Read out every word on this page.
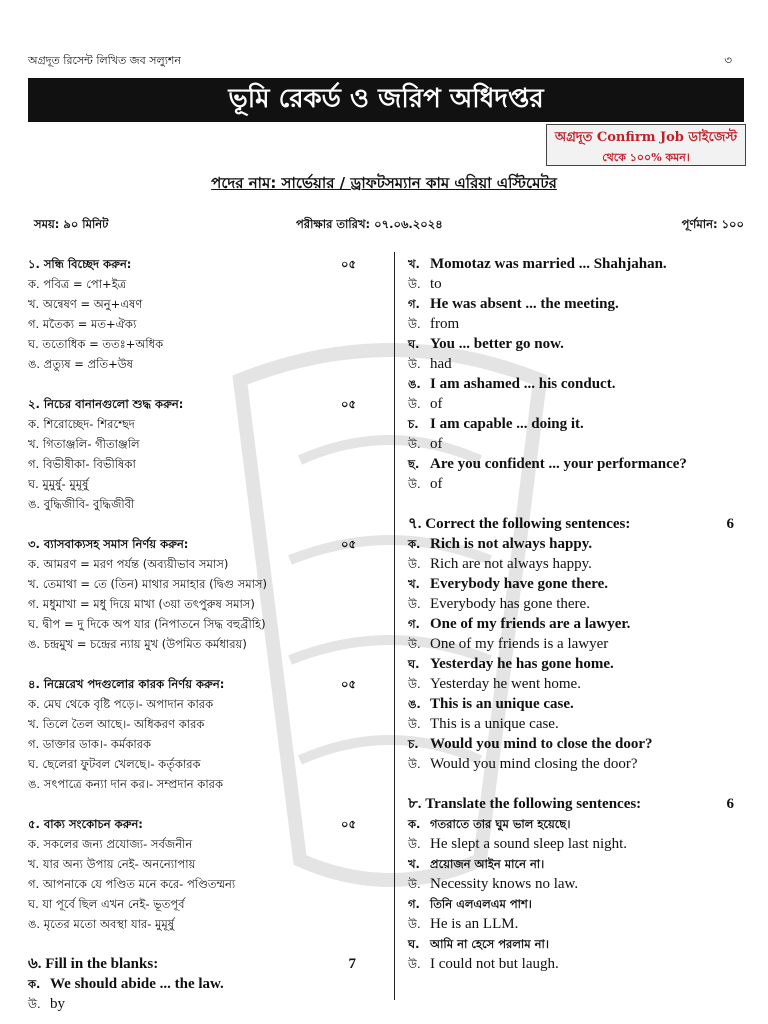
অগ্রদূত রিসেন্ট লিখিত জব সল্যুশন	৩
ভূমি রেকর্ড ও জরিপ অধিদপ্তর
অগ্রদূত Confirm Job ডাইজেস্ট
থেকে ১০০% কমন।
পদের নাম: সার্ভেয়ার / ড্রাফটসম্যান কাম এরিয়া এস্টিমেটর
সময়: ৯০ মিনিট	পরীক্ষার তারিখ: ০৭.০৬.২০২৪	পূর্ণমান: ১০০
১. সন্ধি বিচ্ছেদ করুন:	০৫
ক. পবিত্র = পো+ইত্র
খ. অন্বেষণ = অনু+এষণ
গ. মতৈক্য = মত+ঐক্য
ঘ. ততোধিক = ততঃ+অধিক
ঙ. প্রত্যুষ = প্রতি+উষ
২. নিচের বানানগুলো শুদ্ধ করুন:	০৫
ক. শিরোচ্ছেদ- শিরশ্ছেদ
খ. গিতাঞ্জলি- গীতাঞ্জলি
গ. বিভীষীকা- বিভীষিকা
ঘ. মুমুর্ষু- মুমূর্ষু
ঙ. বুদ্ধিজীবি- বুদ্ধিজীবী
৩. ব্যাসবাক্যসহ সমাস নির্ণয় করুন:	০৫
ক. আমরণ = মরণ পর্যন্ত (অব্যয়ীভাব সমাস)
খ. তেমাথা = তে (তিন) মাথার সমাহার (দ্বিগু সমাস)
গ. মধুমাখা = মধু দিয়ে মাখা (৩য়া তৎপুরুষ সমাস)
ঘ. দ্বীপ = দু দিকে অপ যার (নিপাতনে সিদ্ধ বহুব্রীহি)
ঙ. চন্দ্রমুখ = চন্দ্রের ন্যায় মুখ (উপমিত কর্মধারয়)
৪. নিম্নেরেখ পদগুলোর কারক নির্ণয় করুন:	০৫
ক. মেঘ থেকে বৃষ্টি পড়ে।- অপাদান কারক
খ. তিলে তৈল আছে।- অধিকরণ কারক
গ. ডাক্তার ডাক।- কর্মকারক
ঘ. ছেলেরা ফুটবল খেলছে।- কর্তৃকারক
ঙ. সৎপাত্রে কন্যা দান কর।- সম্প্রদান কারক
৫. বাক্য সংকোচন করুন:	০৫
ক. সকলের জন্য প্রযোজ্য- সর্বজনীন
খ. যার অন্য উপায় নেই- অনন্যোপায়
গ. আপনাকে যে পণ্ডিত মনে করে- পণ্ডিতম্মন্য
ঘ. যা পূর্বে ছিল এখন নেই- ভূতপূর্ব
ঙ. মৃতের মতো অবস্থা যার- মুমূর্ষু
৬. Fill in the blanks:	7
ক. We should abide ... the law.
উ. by
খ. Momotaz was married ... Shahjahan.
উ. to
গ. He was absent ... the meeting.
উ. from
ঘ. You ... better go now.
উ. had
ঙ. I am ashamed ... his conduct.
উ. of
চ. I am capable ... doing it.
উ. of
ছ. Are you confident ... your performance?
উ. of
৭. Correct the following sentences:	6
ক. Rich is not always happy.
উ. Rich are not always happy.
খ. Everybody have gone there.
উ. Everybody has gone there.
গ. One of my friends are a lawyer.
উ. One of my friends is a lawyer
ঘ. Yesterday he has gone home.
উ. Yesterday he went home.
ঙ. This is an unique case.
উ. This is a unique case.
চ. Would you mind to close the door?
উ. Would you mind closing the door?
৮. Translate the following sentences:	6
ক. গতরাতে তার ঘুম ভাল হয়েছে।
উ. He slept a sound sleep last night.
খ. প্রয়োজন আইন মানে না।
উ. Necessity knows no law.
গ. তিনি এলএলএম পাশ।
উ. He is an LLM.
ঘ. আমি না হেসে পরলাম না।
উ. I could not but laugh.
